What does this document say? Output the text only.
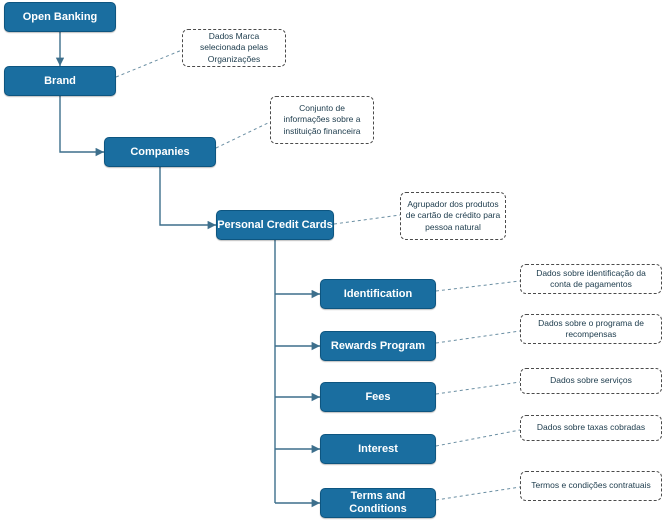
Open Banking
Brand
Companies
Personal Credit Cards
Identification
Rewards Program
Fees
Interest
Terms and Conditions
Dados Marca selecionada pelas Organizações
Conjunto de informações sobre a instituição financeira
Agrupador dos produtos de cartão de crédito para pessoa natural
Dados sobre identificação da conta de pagamentos
Dados sobre o programa de recompensas
Dados sobre serviços
Dados sobre taxas cobradas
Termos e condições contratuais
